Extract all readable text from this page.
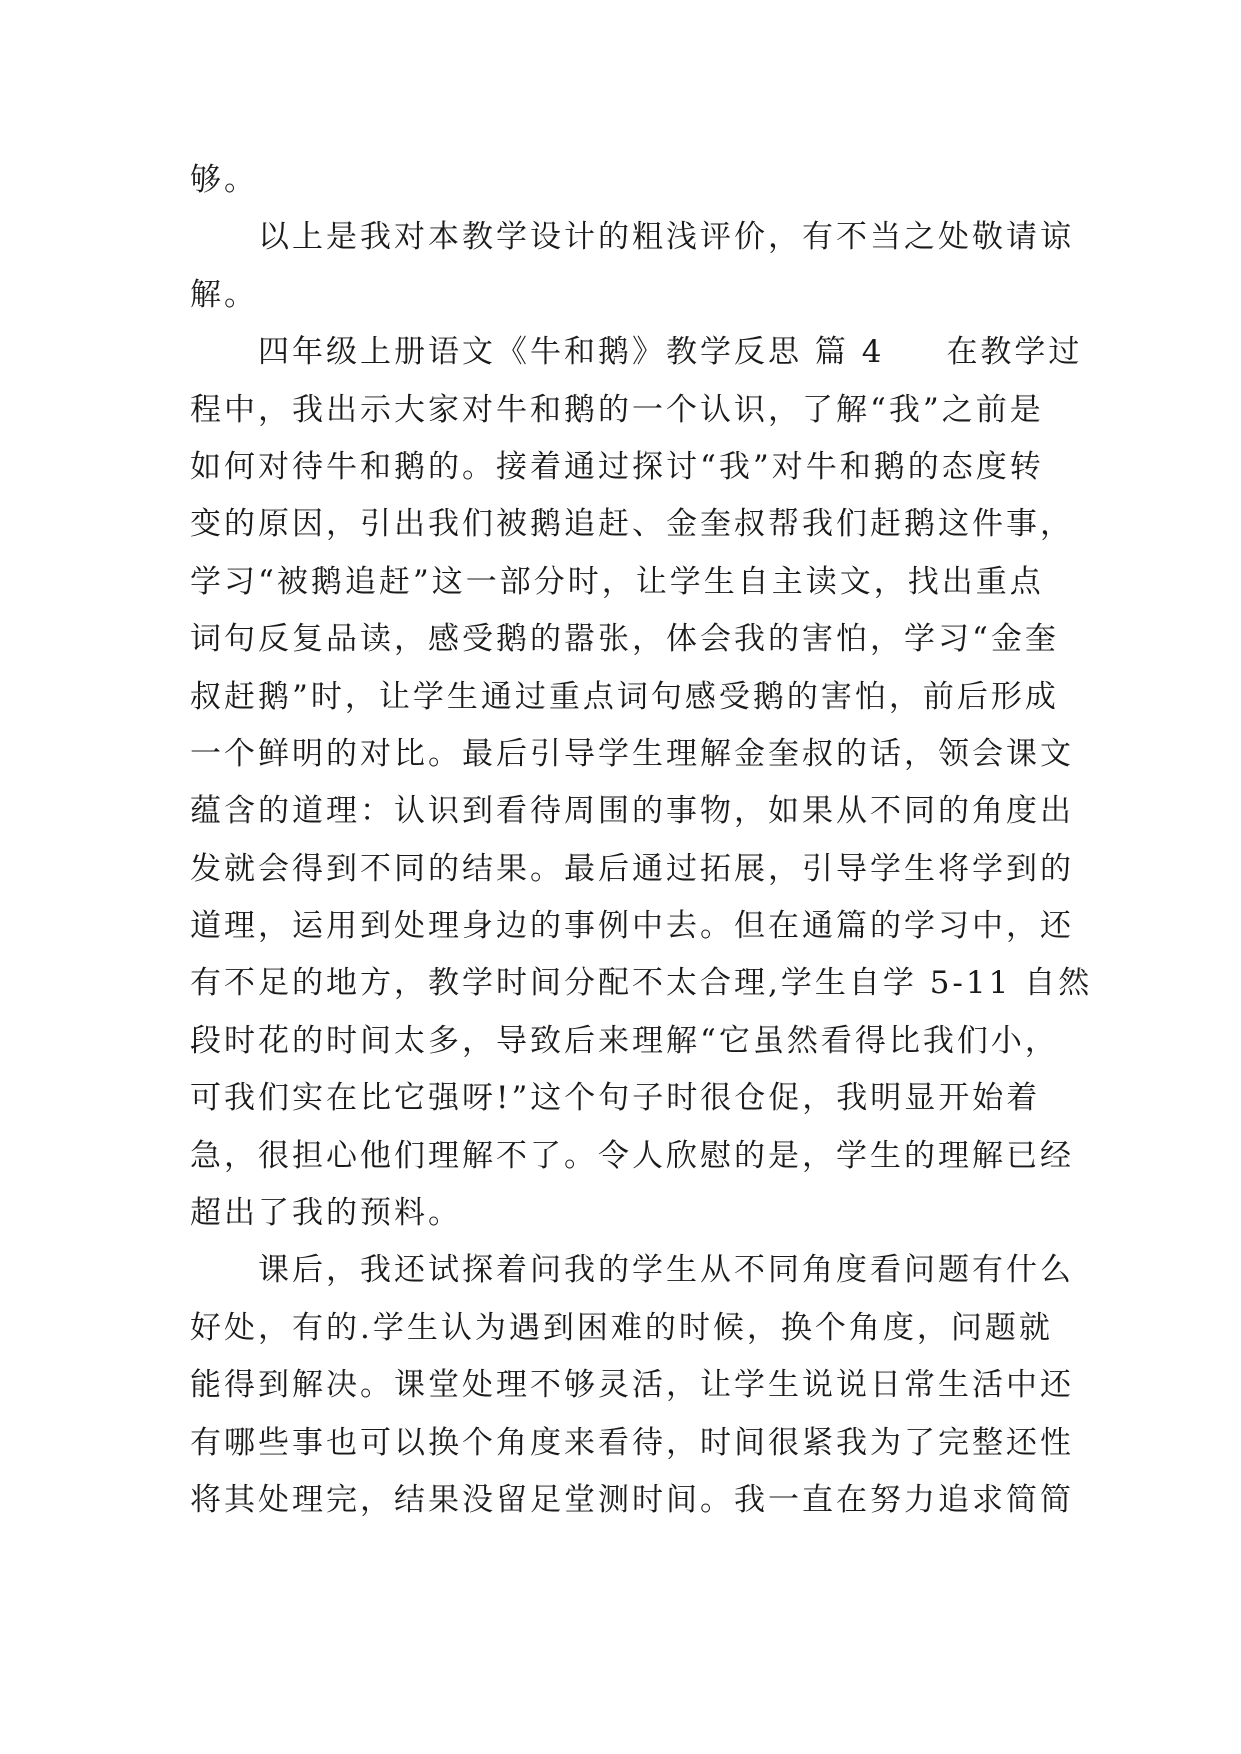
够。
以上是我对本教学设计的粗浅评价，有不当之处敬请谅
解。
四年级上册语文《牛和鹅》教学反思 篇 4 在教学过
程中，我出示大家对牛和鹅的一个认识，了解“我”之前是
如何对待牛和鹅的。接着通过探讨“我”对牛和鹅的态度转
变的原因，引出我们被鹅追赶、金奎叔帮我们赶鹅这件事，
学习“被鹅追赶”这一部分时，让学生自主读文，找出重点
词句反复品读，感受鹅的嚣张，体会我的害怕，学习“金奎
叔赶鹅”时，让学生通过重点词句感受鹅的害怕，前后形成
一个鲜明的对比。最后引导学生理解金奎叔的话，领会课文
蕴含的道理：认识到看待周围的事物，如果从不同的角度出
发就会得到不同的结果。最后通过拓展，引导学生将学到的
道理，运用到处理身边的事例中去。但在通篇的学习中，还
有不足的地方，教学时间分配不太合理,学生自学 5-11 自然
段时花的时间太多，导致后来理解“它虽然看得比我们小，
可我们实在比它强呀!”这个句子时很仓促，我明显开始着
急，很担心他们理解不了。令人欣慰的是，学生的理解已经
超出了我的预料。
课后，我还试探着问我的学生从不同角度看问题有什么
好处，有的.学生认为遇到困难的时候，换个角度，问题就
能得到解决。课堂处理不够灵活，让学生说说日常生活中还
有哪些事也可以换个角度来看待，时间很紧我为了完整还性
将其处理完，结果没留足堂测时间。我一直在努力追求简简
